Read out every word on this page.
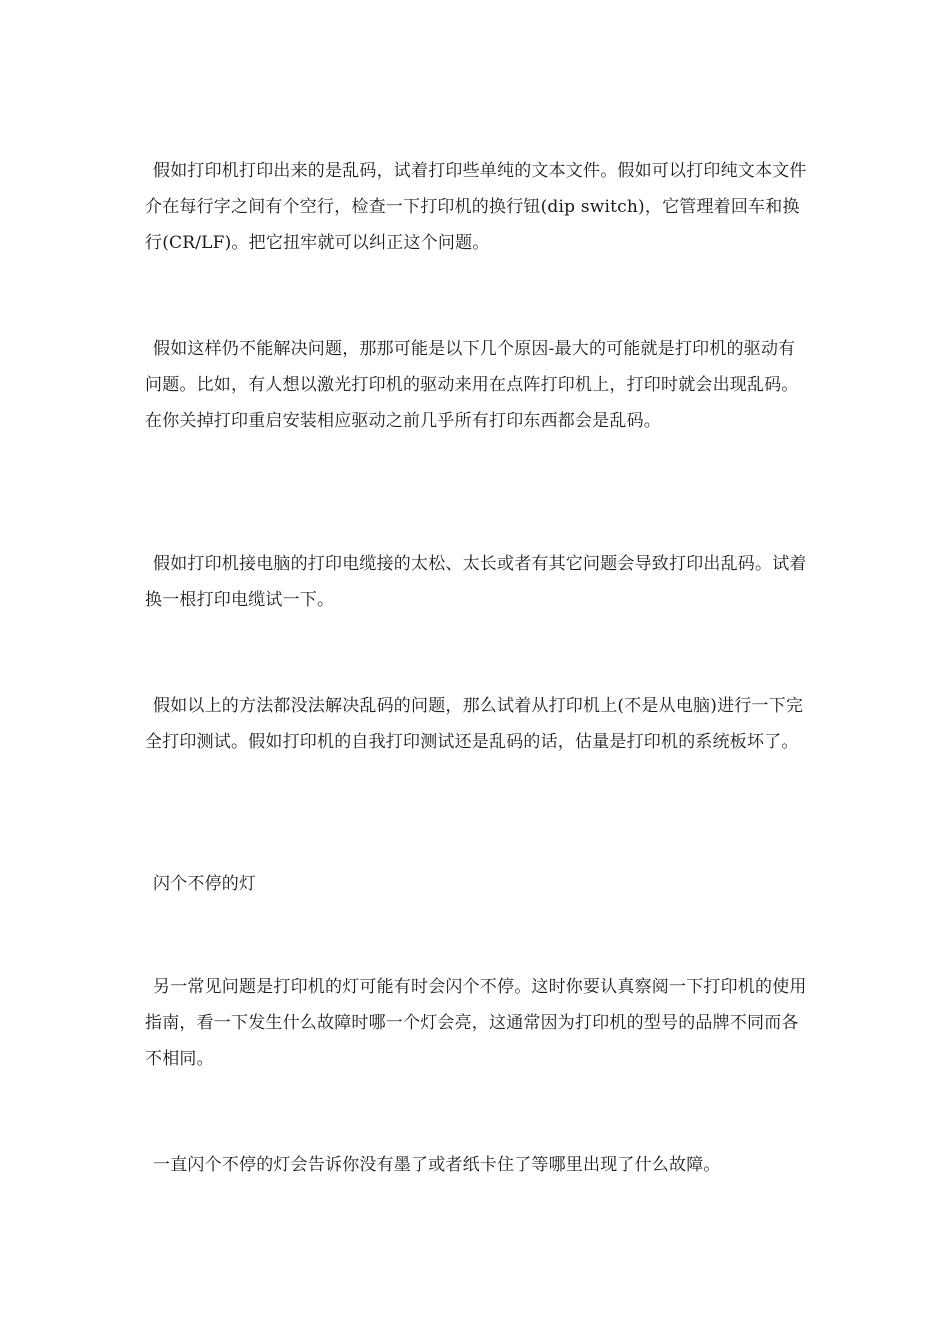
假如打印机打印出来的是乱码，试着打印些单纯的文本文件。假如可以打印纯文本文件介在每行字之间有个空行，检查一下打印机的换行钮(dip switch)，它管理着回车和换行(CR/LF)。把它扭牢就可以纠正这个问题。

假如这样仍不能解决问题，那那可能是以下几个原因-最大的可能就是打印机的驱动有问题。比如，有人想以激光打印机的驱动来用在点阵打印机上，打印时就会出现乱码。在你关掉打印重启安装相应驱动之前几乎所有打印东西都会是乱码。

假如打印机接电脑的打印电缆接的太松、太长或者有其它问题会导致打印出乱码。试着换一根打印电缆试一下。

假如以上的方法都没法解决乱码的问题，那么试着从打印机上(不是从电脑)进行一下完全打印测试。假如打印机的自我打印测试还是乱码的话，估量是打印机的系统板坏了。

闪个不停的灯

另一常见问题是打印机的灯可能有时会闪个不停。这时你要认真察阅一下打印机的使用指南，看一下发生什么故障时哪一个灯会亮，这通常因为打印机的型号的品牌不同而各不相同。

一直闪个不停的灯会告诉你没有墨了或者纸卡住了等哪里出现了什么故障。
